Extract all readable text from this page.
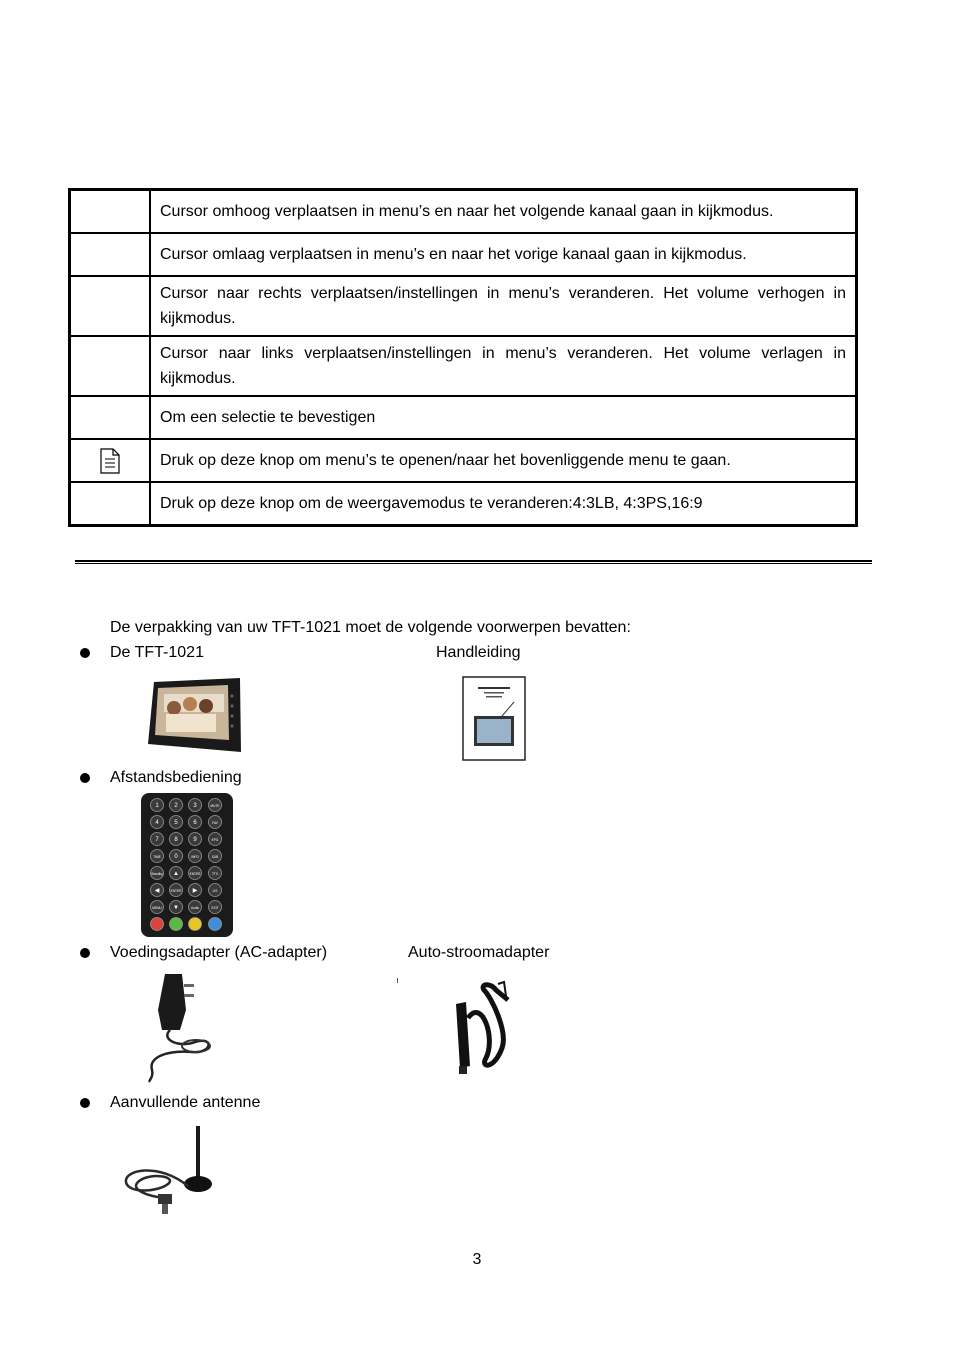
	Cursor omhoog verplaatsen in menu’s en naar het volgende kanaal gaan in kijkmodus.
	Cursor omlaag verplaatsen in menu’s en naar het vorige kanaal gaan in kijkmodus.
	Cursor naar rechts verplaatsen/instellingen in menu’s veranderen. Het volume verhogen in kijkmodus.
	Cursor naar links verplaatsen/instellingen in menu’s veranderen. Het volume verlagen in kijkmodus.
	Om een selectie te bevestigen

	Druk op deze knop om menu’s te openen/naar het bovenliggende menu te gaan.
	Druk op deze knop om de weergavemodus te veranderen:4:3LB, 4:3PS,16:9
De verpakking van uw TFT-1021 moet de volgende voorwerpen bevatten:
De TFT-1021	Handleiding
Afstandsbediening
1	2	3	MUTE
4	5	6	FAV
7	8	9	EPG
TIME 0	INFO	SUB
Standby ▲	ENTER	TTX
◀	ENTER ▶	LIS
MENU ▼	Audio	EXIT
Voedingsadapter (AC-adapter)	Auto-stroomadapter
Aanvullende antenne
3
